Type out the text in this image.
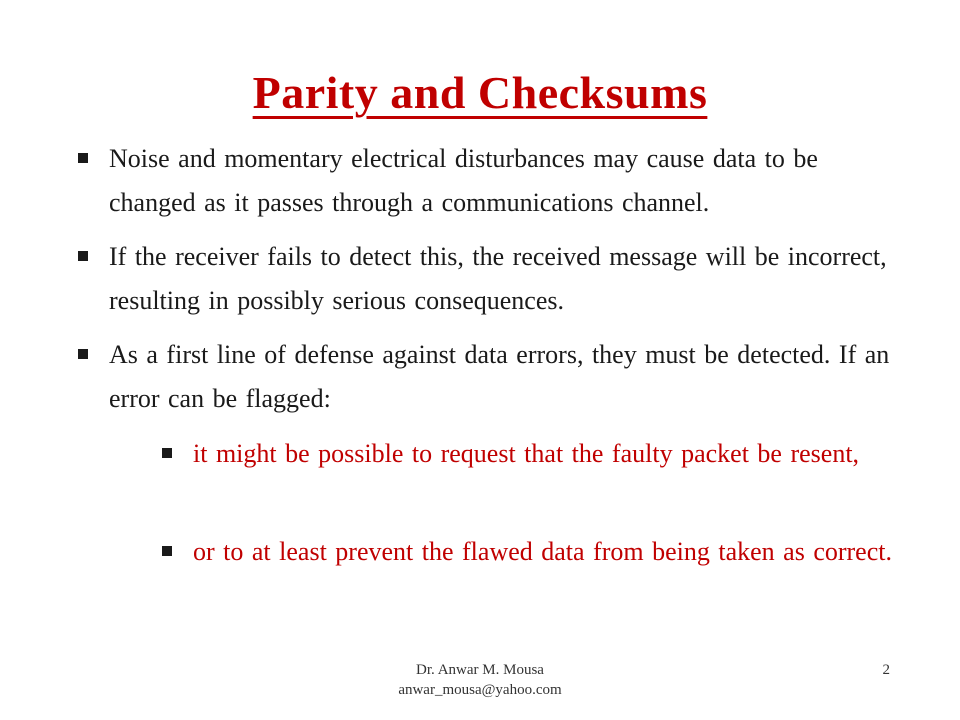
Parity and Checksums
Noise and momentary electrical disturbances may cause data to be changed as it passes through a communications channel.
If the receiver fails to detect this, the received message will be incorrect, resulting in possibly serious consequences.
As a first line of defense against data errors, they must be detected. If an error can be flagged:
it might be possible to request that the faulty packet be resent,
or to at least prevent the flawed data from being taken as correct.
Dr. Anwar M. Mousa
anwar_mousa@yahoo.com
2
